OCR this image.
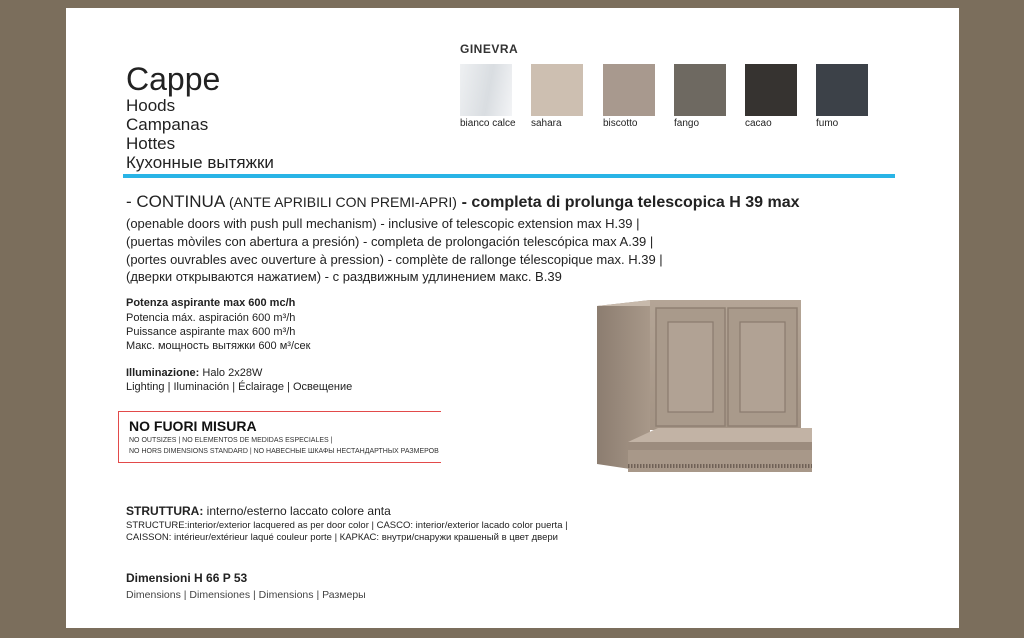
Cappe
Hoods
Campanas
Hottes
Кухонные вытяжки
GINEVRA
bianco calce	sahara	biscotto	fango	cacao	fumo
- CONTINUA (ANTE APRIBILI CON PREMI-APRI) - completa di prolunga telescopica H 39 max
(openable doors with push pull mechanism) - inclusive of telescopic extension max H.39 |
(puertas mòviles con abertura a presión) - completa de prolongación telescópica max A.39 |
(portes ouvrables avec ouverture à pression) - complète de rallonge télescopique max. H.39 |
(дверки открываются нажатием) - с раздвижным удлинением макс. В.39
Potenza aspirante max 600 mc/h
Potencia máx. aspiración 600 m³/h
Puissance aspirante max 600 m³/h
Макс. мощность вытяжки 600 м³/сек
Illuminazione: Halo 2x28W
Lighting | Iluminación | Éclairage | Освещение
NO FUORI MISURA
NO OUTSIZES | NO ELEMENTOS DE MEDIDAS ESPECIALES |
NO HORS DIMENSIONS STANDARD | NO НАВЕСНЫЕ ШКАФЫ НЕСТАНДАРТНЫХ РАЗМЕРОВ
STRUTTURA: interno/esterno laccato colore anta
STRUCTURE:interior/exterior lacquered as per door color | CASCO: interior/exterior lacado color puerta |
CAISSON: intérieur/extérieur laqué couleur porte | КАРКАС: внутри/снаружи крашеный в цвет двери
Dimensioni H 66 P 53
Dimensions | Dimensiones | Dimensions | Размеры
